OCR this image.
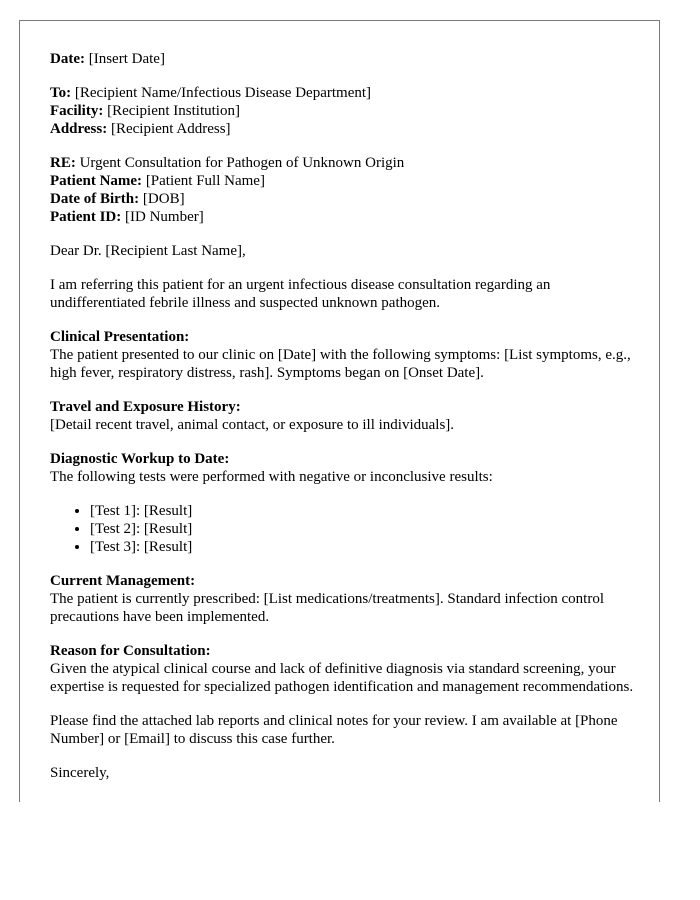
Date: [Insert Date]

To: [Recipient Name/Infectious Disease Department]
Facility: [Recipient Institution]
Address: [Recipient Address]

RE: Urgent Consultation for Pathogen of Unknown Origin
Patient Name: [Patient Full Name]
Date of Birth: [DOB]
Patient ID: [ID Number]

Dear Dr. [Recipient Last Name],

I am referring this patient for an urgent infectious disease consultation regarding an undifferentiated febrile illness and suspected unknown pathogen.

Clinical Presentation:
The patient presented to our clinic on [Date] with the following symptoms: [List symptoms, e.g., high fever, respiratory distress, rash]. Symptoms began on [Onset Date].

Travel and Exposure History:
[Detail recent travel, animal contact, or exposure to ill individuals].

Diagnostic Workup to Date:
The following tests were performed with negative or inconclusive results:

• [Test 1]: [Result]
• [Test 2]: [Result]
• [Test 3]: [Result]

Current Management:
The patient is currently prescribed: [List medications/treatments]. Standard infection control precautions have been implemented.

Reason for Consultation:
Given the atypical clinical course and lack of definitive diagnosis via standard screening, your expertise is requested for specialized pathogen identification and management recommendations.

Please find the attached lab reports and clinical notes for your review. I am available at [Phone Number] or [Email] to discuss this case further.

Sincerely,
